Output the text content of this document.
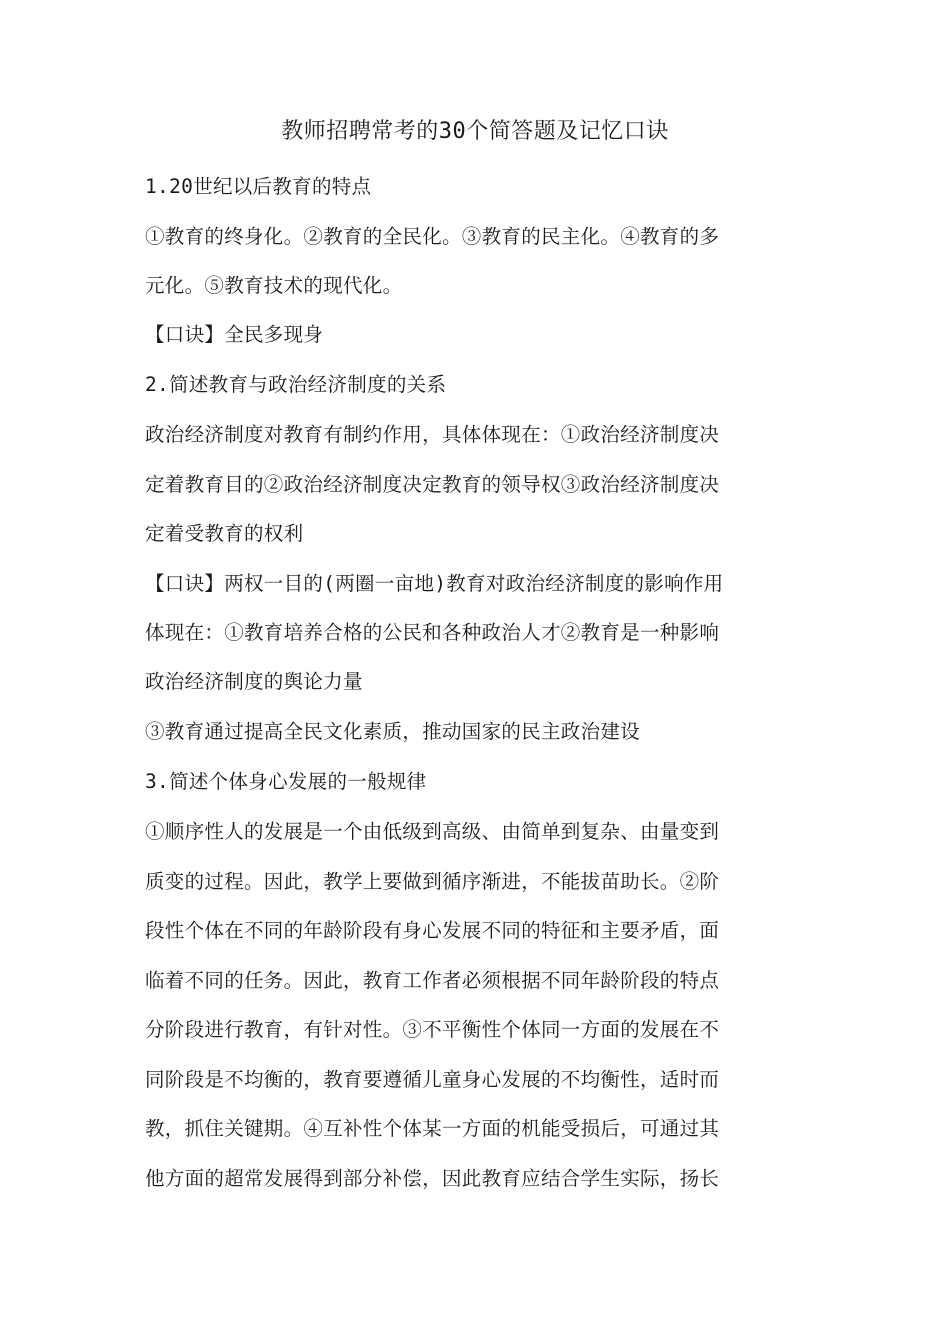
教师招聘常考的30个简答题及记忆口诀
1.20世纪以后教育的特点
①教育的终身化。②教育的全民化。③教育的民主化。④教育的多
元化。⑤教育技术的现代化。
【口诀】全民多现身
2.简述教育与政治经济制度的关系
政治经济制度对教育有制约作用，具体体现在：①政治经济制度决
定着教育目的②政治经济制度决定教育的领导权③政治经济制度决
定着受教育的权利
【口诀】两权一目的(两圈一亩地)教育对政治经济制度的影响作用
体现在：①教育培养合格的公民和各种政治人才②教育是一种影响
政治经济制度的舆论力量
③教育通过提高全民文化素质，推动国家的民主政治建设
3.简述个体身心发展的一般规律
①顺序性人的发展是一个由低级到高级、由简单到复杂、由量变到
质变的过程。因此，教学上要做到循序渐进，不能拔苗助长。②阶
段性个体在不同的年龄阶段有身心发展不同的特征和主要矛盾，面
临着不同的任务。因此，教育工作者必须根据不同年龄阶段的特点
分阶段进行教育，有针对性。③不平衡性个体同一方面的发展在不
同阶段是不均衡的，教育要遵循儿童身心发展的不均衡性，适时而
教，抓住关键期。④互补性个体某一方面的机能受损后，可通过其
他方面的超常发展得到部分补偿，因此教育应结合学生实际，扬长
